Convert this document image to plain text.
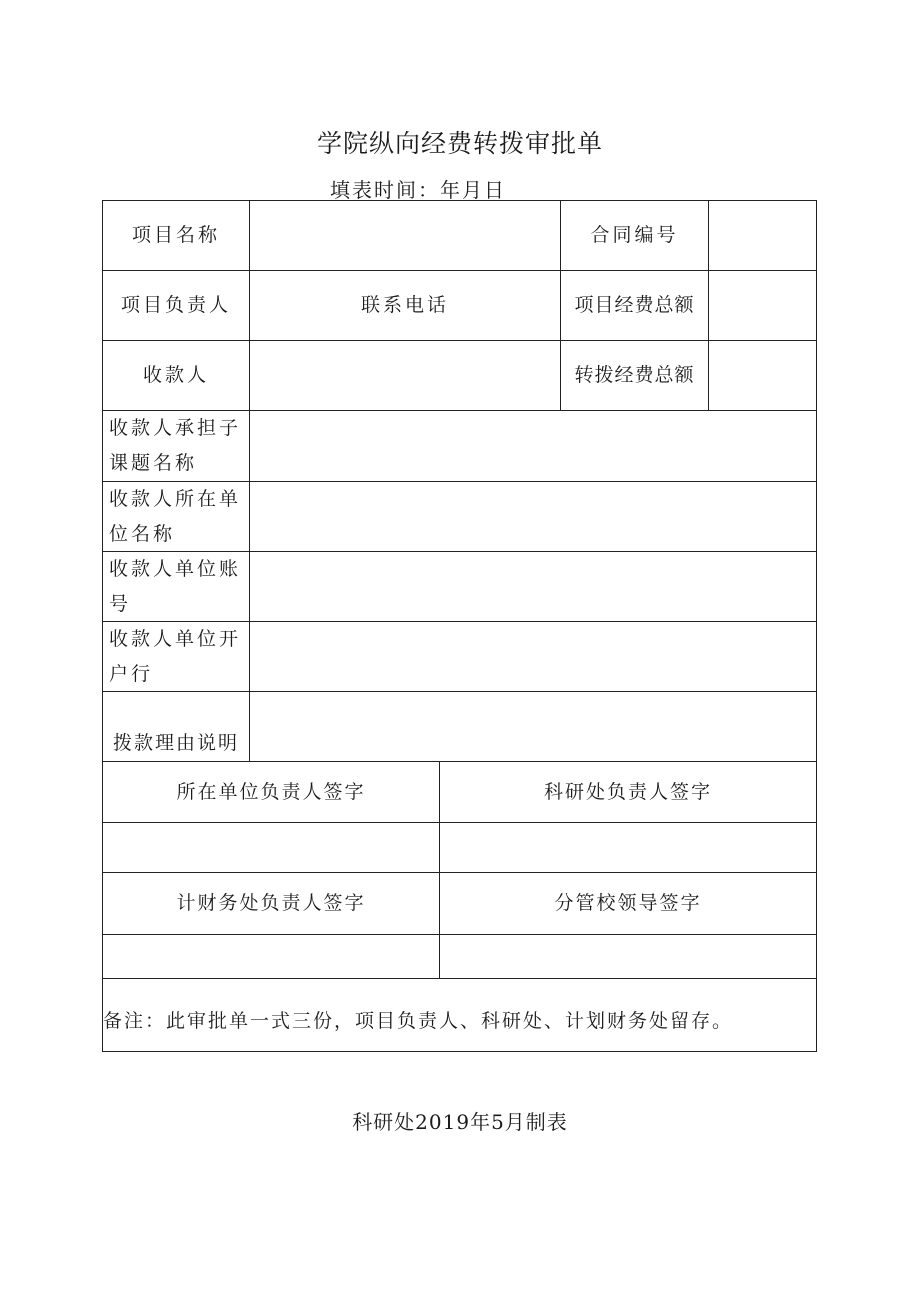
学院纵向经费转拨审批单
填表时间：年月日
项目名称	合同编号
项目负责人	联系电话	项目经费总额
收款人	转拨经费总额
收款人承担子课题名称
收款人所在单位名称
收款人单位账号
收款人单位开户行
拨款理由说明
所在单位负责人签字	科研处负责人签字
计财务处负责人签字	分管校领导签字
备注：此审批单一式三份，项目负责人、科研处、计划财务处留存。
科研处2019年5月制表
